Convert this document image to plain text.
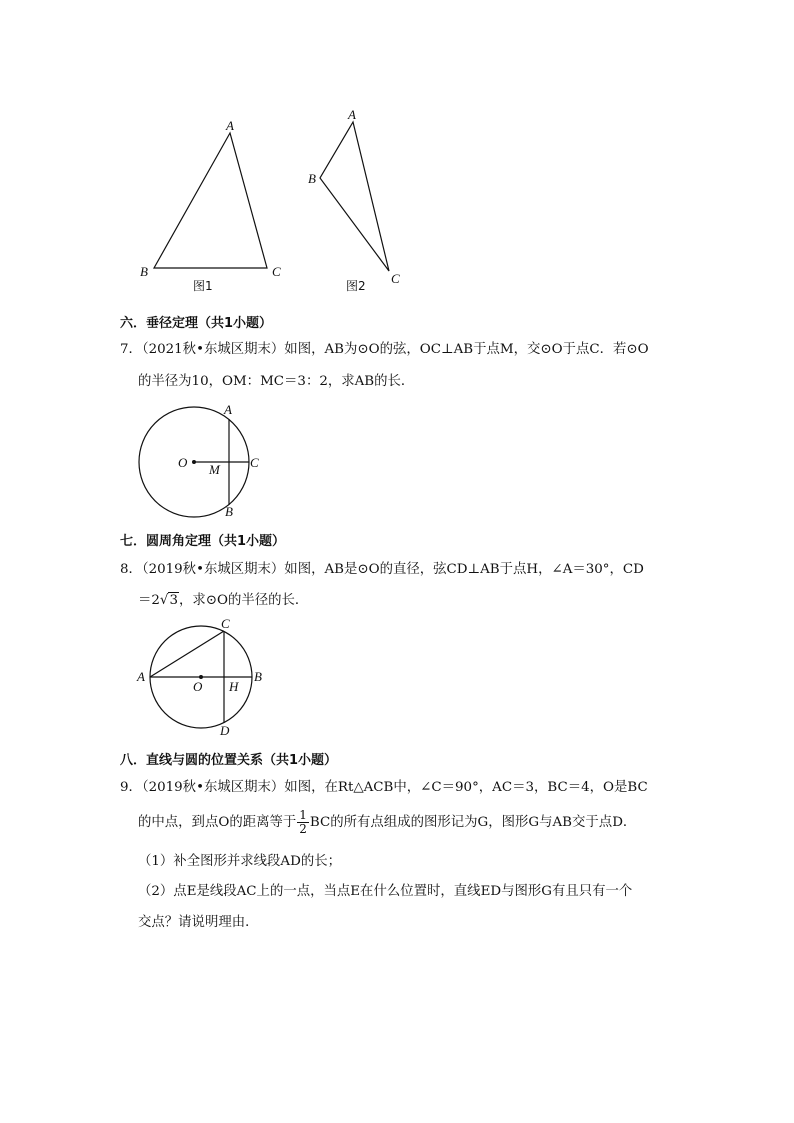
A
B	C
图1
A
B
C
图2
六．垂径定理（共1小题）
7．（2021秋•东城区期末）如图，AB为⊙O的弦，OC⊥AB于点M，交⊙O于点C．若⊙O
的半径为10，OM：MC＝3：2，求AB的长．
A
O M C
B
七．圆周角定理（共1小题）
8．（2019秋•东城区期末）如图，AB是⊙O的直径，弦CD⊥AB于点H，∠A＝30°，CD
＝2√3，求⊙O的半径的长．
C
A
O H
B
D
八．直线与圆的位置关系（共1小题）
9．（2019秋•东城区期末）如图，在Rt△ACB中，∠C＝90°，AC＝3，BC＝4，O是BC
的中点，到点O的距离等于 $\frac{1}{2}$ BC的所有点组成的图形记为G，图形G与AB交于点D．
（1）补全图形并求线段AD的长；
（2）点E是线段AC上的一点，当点E在什么位置时，直线ED与图形G有且只有一个
交点？请说明理由．
